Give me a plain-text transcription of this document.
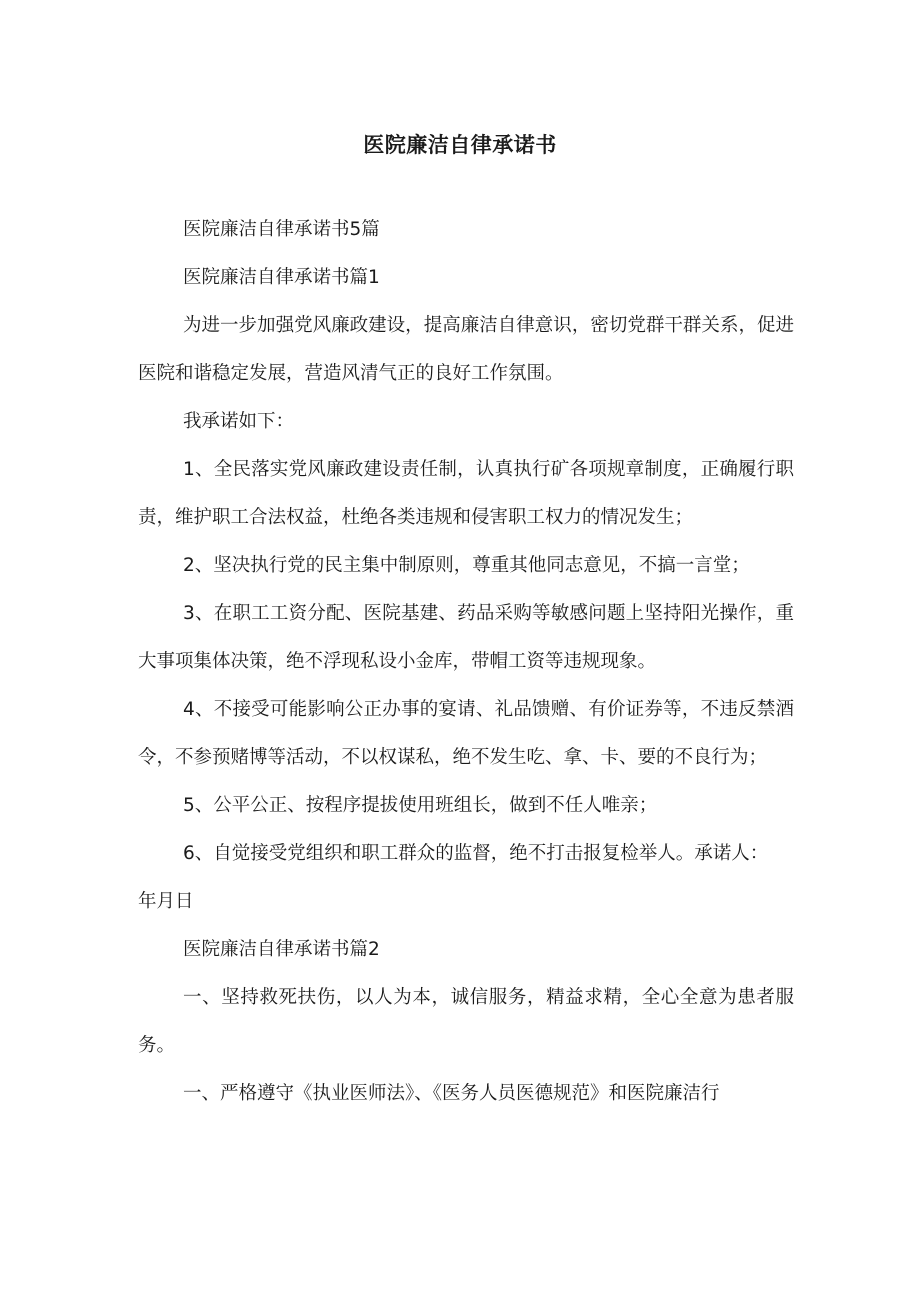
医院廉洁自律承诺书

医院廉洁自律承诺书5篇

医院廉洁自律承诺书篇1

为进一步加强党风廉政建设，提高廉洁自律意识，密切党群干群关系，促进医院和谐稳定发展，营造风清气正的良好工作氛围。

我承诺如下：

1、全民落实党风廉政建设责任制，认真执行矿各项规章制度，正确履行职责，维护职工合法权益，杜绝各类违规和侵害职工权力的情况发生；

2、坚决执行党的民主集中制原则，尊重其他同志意见，不搞一言堂；

3、在职工工资分配、医院基建、药品采购等敏感问题上坚持阳光操作，重大事项集体决策，绝不浮现私设小金库，带帽工资等违规现象。

4、不接受可能影响公正办事的宴请、礼品馈赠、有价证券等，不违反禁酒令，不参预赌博等活动，不以权谋私，绝不发生吃、拿、卡、要的不良行为；

5、公平公正、按程序提拔使用班组长，做到不任人唯亲；

6、自觉接受党组织和职工群众的监督，绝不打击报复检举人。承诺人：

年月日

医院廉洁自律承诺书篇2

一、坚持救死扶伤，以人为本，诚信服务，精益求精，全心全意为患者服务。

一、严格遵守《执业医师法》、《医务人员医德规范》和医院廉洁行
